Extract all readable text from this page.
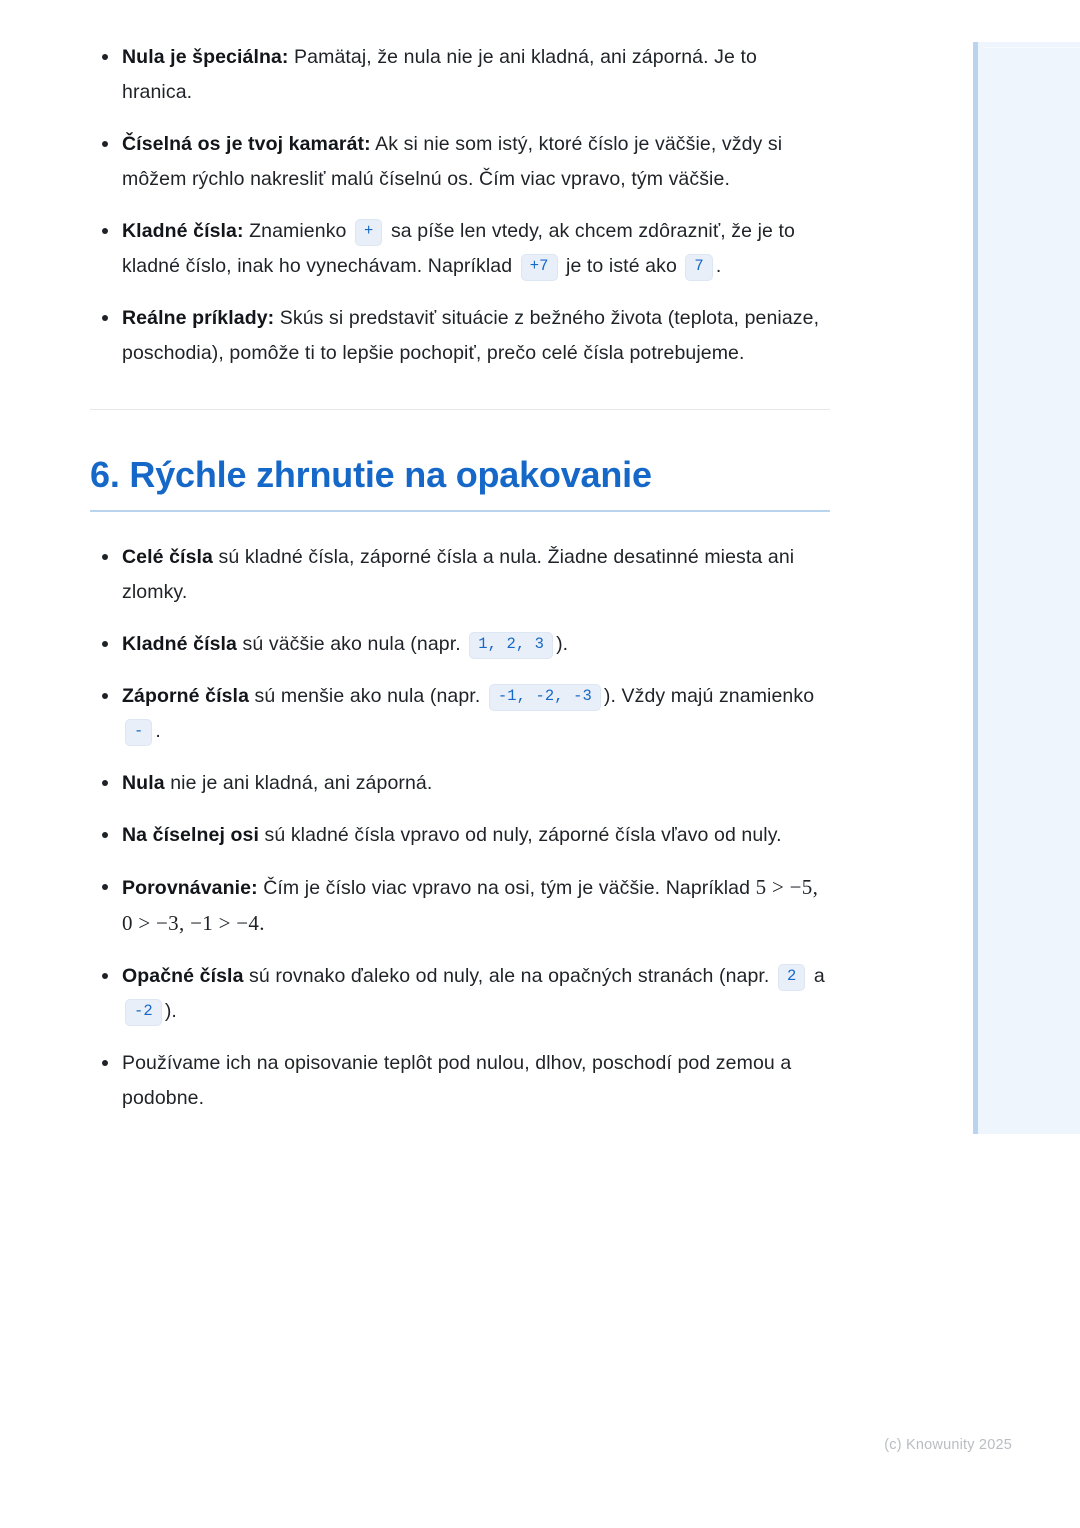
Nula je špeciálna: Pamätaj, že nula nie je ani kladná, ani záporná. Je to hranica.
Číselná os je tvoj kamarát: Ak si nie som istý, ktoré číslo je väčšie, vždy si môžem rýchlo nakresliť malú číselnú os. Čím viac vpravo, tým väčšie.
Kladné čísla: Znamienko + sa píše len vtedy, ak chcem zdôrazniť, že je to kladné číslo, inak ho vynechávam. Napríklad +7 je to isté ako 7 .
Reálne príklady: Skús si predstaviť situácie z bežného života (teplota, peniaze, poschodia), pomôže ti to lepšie pochopiť, prečo celé čísla potrebujeme.
6. Rýchle zhrnutie na opakovanie
Celé čísla sú kladné čísla, záporné čísla a nula. Žiadne desatinné miesta ani zlomky.
Kladné čísla sú väčšie ako nula (napr. 1, 2, 3 ).
Záporné čísla sú menšie ako nula (napr. -1, -2, -3 ). Vždy majú znamienko - .
Nula nie je ani kladná, ani záporná.
Na číselnej osi sú kladné čísla vpravo od nuly, záporné čísla vľavo od nuly.
Porovnávanie: Čím je číslo viac vpravo na osi, tým je väčšie. Napríklad 5 > −5, 0 > −3, −1 > −4.
Opačné čísla sú rovnako ďaleko od nuly, ale na opačných stranách (napr. 2 a -2 ).
Používame ich na opisovanie teplôt pod nulou, dlhov, poschodí pod zemou a podobne.
(c) Knowunity 2025
